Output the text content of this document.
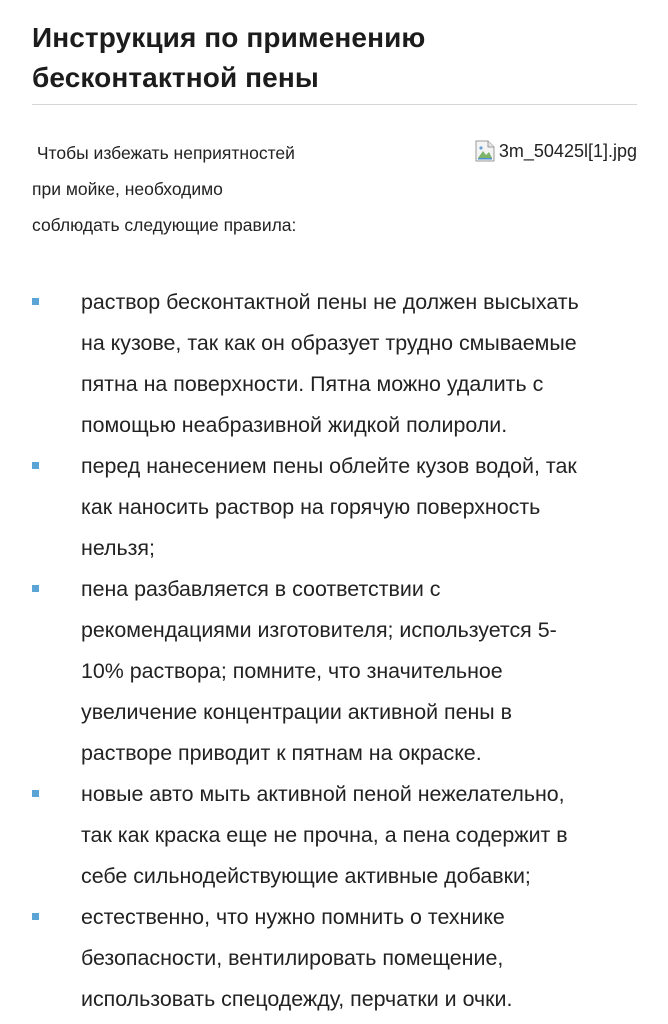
Инструкция по применению
бесконтактной пены
Чтобы избежать неприятностей
при мойке, необходимо
соблюдать следующие правила:
3m_50425l[1].jpg
раствор бесконтактной пены не должен высыхать
на кузове, так как он образует трудно смываемые
пятна на поверхности. Пятна можно удалить с
помощью неабразивной жидкой полироли.
перед нанесением пены облейте кузов водой, так
как наносить раствор на горячую поверхность
нельзя;
пена разбавляется в соответствии с
рекомендациями изготовителя; используется 5-
10% раствора; помните, что значительное
увеличение концентрации активной пены в
растворе приводит к пятнам на окраске.
новые авто мыть активной пеной нежелательно,
так как краска еще не прочна, а пена содержит в
себе сильнодействующие активные добавки;
естественно, что нужно помнить о технике
безопасности, вентилировать помещение,
использовать спецодежду, перчатки и очки.
